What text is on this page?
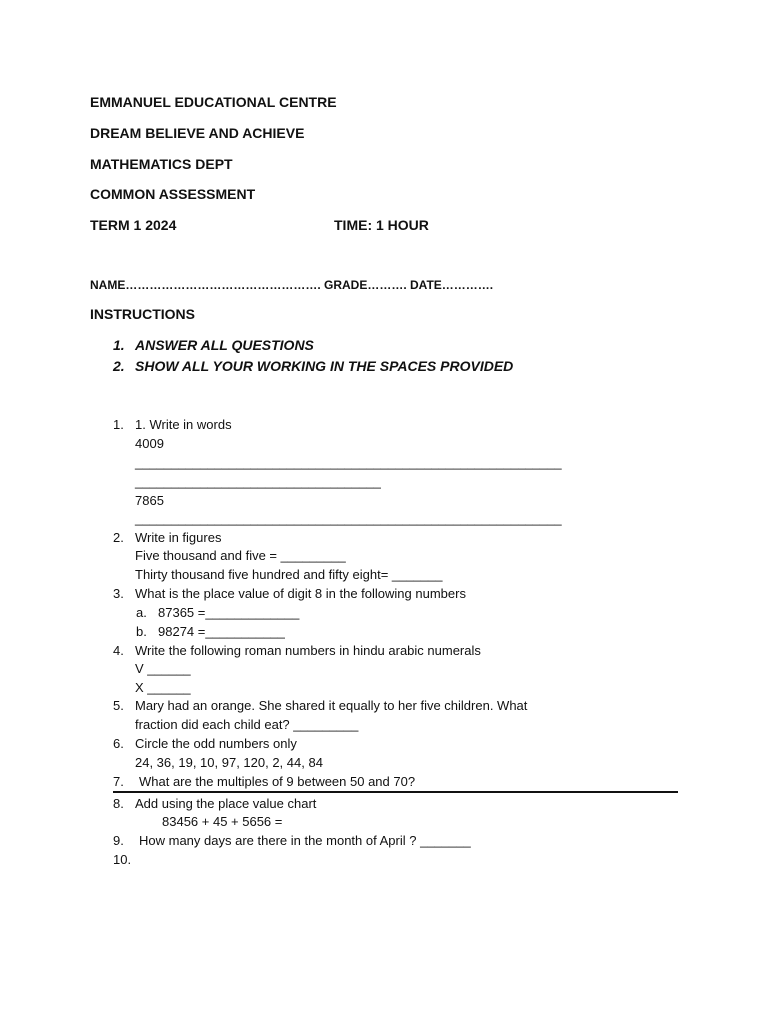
EMMANUEL EDUCATIONAL CENTRE
DREAM BELIEVE AND ACHIEVE
MATHEMATICS DEPT
COMMON ASSESSMENT
TERM 1 2024	TIME: 1 HOUR
NAME…………………………………………. GRADE………. DATE………….
INSTRUCTIONS
1. ANSWER ALL QUESTIONS
2. SHOW ALL YOUR WORKING IN THE SPACES PROVIDED
1. 1. Write in words
4009
___________________________________________________________
__________________________________
7865
___________________________________________________________
2. Write in figures
Five thousand and five = _________
Thirty thousand five hundred and fifty eight= _______
3. What is the place value of digit 8 in the following numbers
a. 87365 =_____________
b. 98274 =___________
4. Write the following roman numbers in hindu arabic numerals
V ______
X ______
5. Mary had an orange. She shared it equally to her five children. What
fraction did each child eat? _________
6. Circle the odd numbers only
24, 36, 19, 10, 97, 120, 2, 44, 84
7. What are the multiples of 9 between 50 and 70?
8. Add using the place value chart
83456 + 45 + 5656 =
9. How many days are there in the month of April ? _______
10.
